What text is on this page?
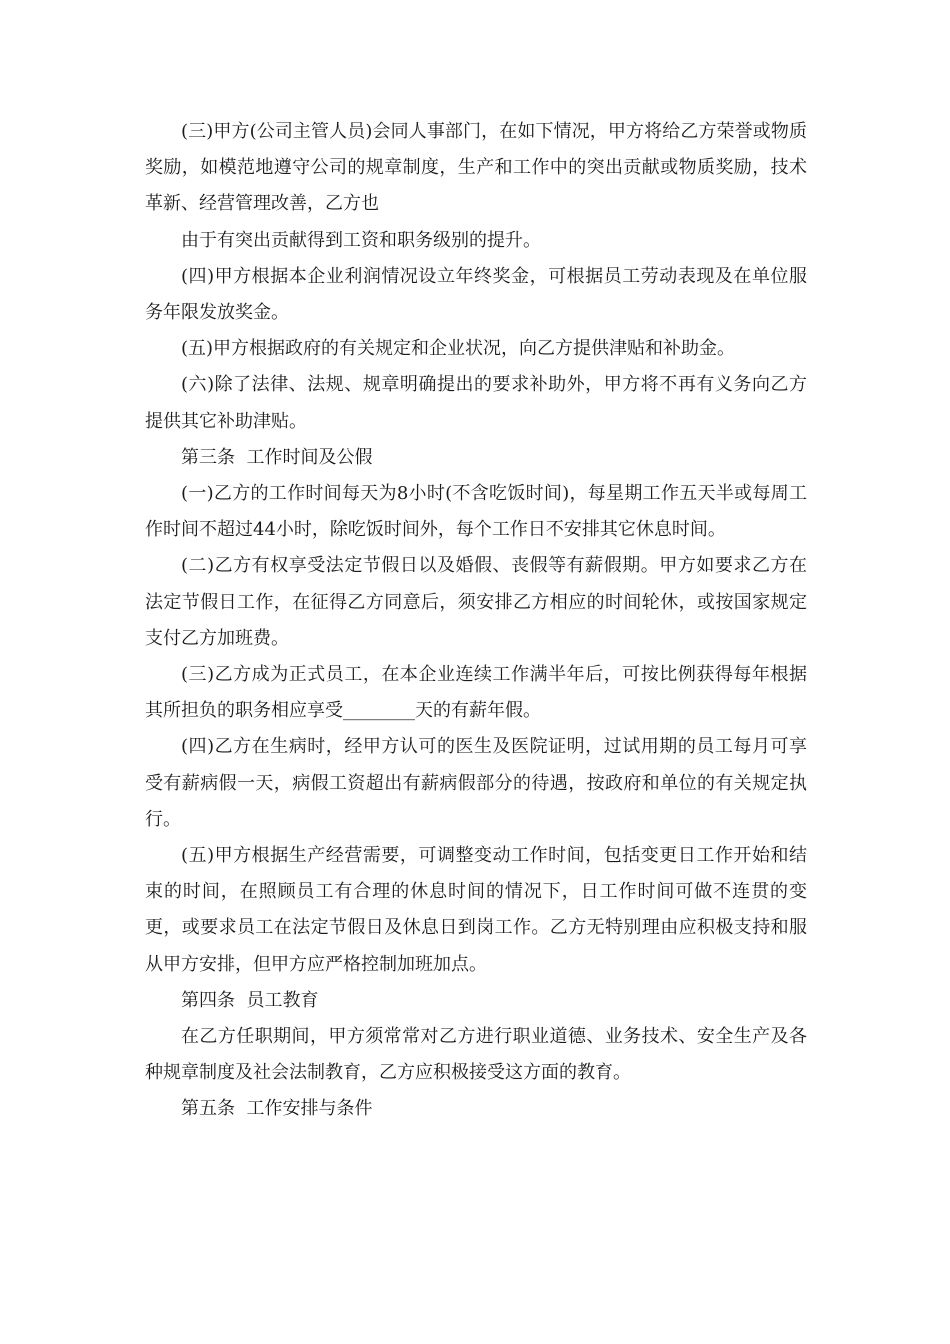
(三)甲方(公司主管人员)会同人事部门，在如下情况，甲方将给乙方荣誉或物质奖励，如模范地遵守公司的规章制度，生产和工作中的突出贡献或物质奖励，技术革新、经营管理改善，乙方也

由于有突出贡献得到工资和职务级别的提升。

(四)甲方根据本企业利润情况设立年终奖金，可根据员工劳动表现及在单位服务年限发放奖金。

(五)甲方根据政府的有关规定和企业状况，向乙方提供津贴和补助金。

(六)除了法律、法规、规章明确提出的要求补助外，甲方将不再有义务向乙方提供其它补助津贴。

第三条  工作时间及公假

(一)乙方的工作时间每天为8小时(不含吃饭时间)，每星期工作五天半或每周工作时间不超过44小时，除吃饭时间外，每个工作日不安排其它休息时间。

(二)乙方有权享受法定节假日以及婚假、丧假等有薪假期。甲方如要求乙方在法定节假日工作，在征得乙方同意后，须安排乙方相应的时间轮休，或按国家规定支付乙方加班费。

(三)乙方成为正式员工，在本企业连续工作满半年后，可按比例获得每年根据其所担负的职务相应享受________天的有薪年假。

(四)乙方在生病时，经甲方认可的医生及医院证明，过试用期的员工每月可享受有薪病假一天，病假工资超出有薪病假部分的待遇，按政府和单位的有关规定执行。

(五)甲方根据生产经营需要，可调整变动工作时间，包括变更日工作开始和结束的时间，在照顾员工有合理的休息时间的情况下，日工作时间可做不连贯的变更，或要求员工在法定节假日及休息日到岗工作。乙方无特别理由应积极支持和服从甲方安排，但甲方应严格控制加班加点。

第四条  员工教育

在乙方任职期间，甲方须常常对乙方进行职业道德、业务技术、安全生产及各种规章制度及社会法制教育，乙方应积极接受这方面的教育。

第五条  工作安排与条件
